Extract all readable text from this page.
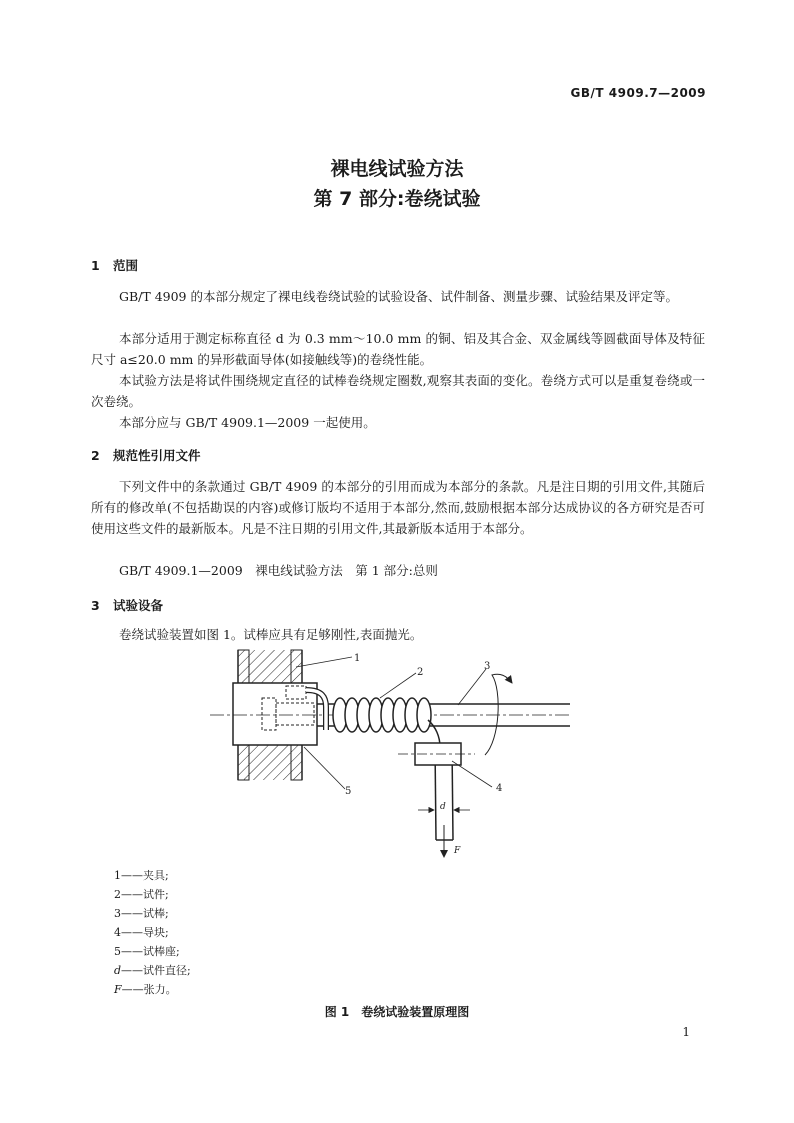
GB/T 4909.7—2009
裸电线试验方法
第 7 部分:卷绕试验
1 范围
GB/T 4909 的本部分规定了裸电线卷绕试验的试验设备、试件制备、测量步骤、试验结果及评定等。
本部分适用于测定标称直径 d 为 0.3 mm～10.0 mm 的铜、铝及其合金、双金属线等圆截面导体及特征尺寸 a≤20.0 mm 的异形截面导体(如接触线等)的卷绕性能。
本试验方法是将试件围绕规定直径的试棒卷绕规定圈数,观察其表面的变化。卷绕方式可以是重复卷绕或一次卷绕。
本部分应与 GB/T 4909.1—2009 一起使用。
2 规范性引用文件
下列文件中的条款通过 GB/T 4909 的本部分的引用而成为本部分的条款。凡是注日期的引用文件,其随后所有的修改单(不包括勘误的内容)或修订版均不适用于本部分,然而,鼓励根据本部分达成协议的各方研究是否可使用这些文件的最新版本。凡是不注日期的引用文件,其最新版本适用于本部分。
GB/T 4909.1—2009　裸电线试验方法　第 1 部分:总则
3 试验设备
卷绕试验装置如图 1。试棒应具有足够刚性,表面抛光。
1
2
3
4
5
d
F
1——夹具;
2——试件;
3——试棒;
4——导块;
5——试棒座;
d——试件直径;
F——张力。
图 1　卷绕试验装置原理图
1
